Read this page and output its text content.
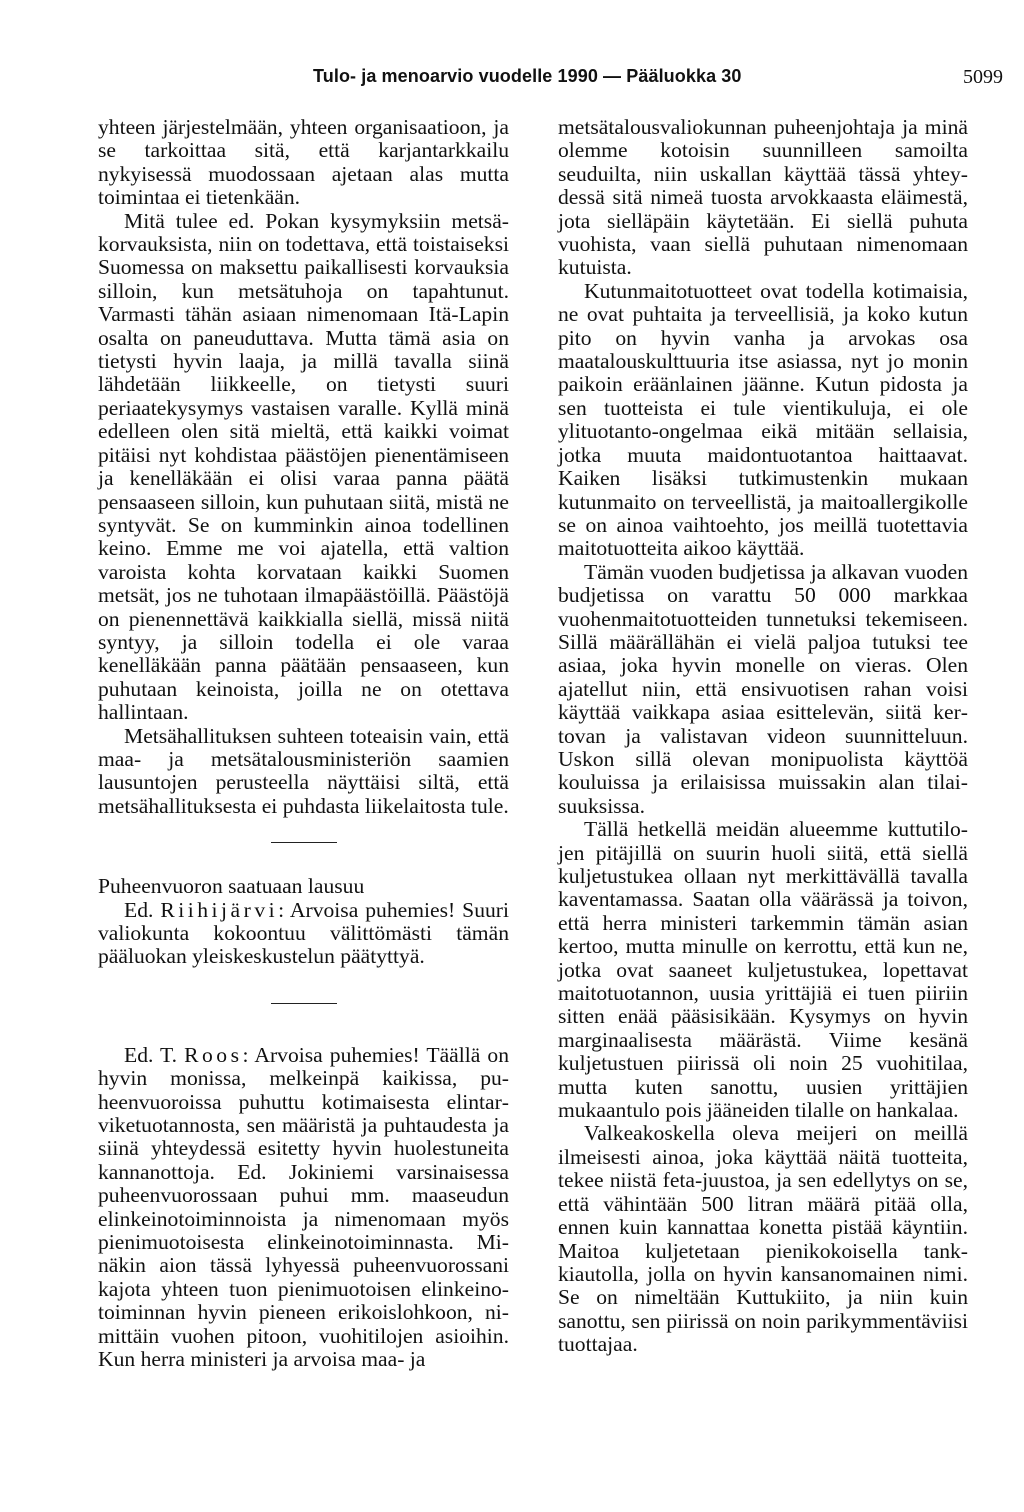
Tulo- ja menoarvio vuodelle 1990 — Pääluokka 30	5099

yhteen järjestelmään, yhteen organisaatioon, ja se tarkoittaa sitä, että karjantarkkailu nykyisessä muodossaan ajetaan alas mutta toimintaa ei tietenkään.

Mitä tulee ed. Pokan kysymyksiin metsäkorvauksista, niin on todettava, että toistaiseksi Suomessa on maksettu paikallisesti korvauksia silloin, kun metsätuhoja on tapahtunut. Varmasti tähän asiaan nimenomaan Itä-Lapin osalta on paneuduttava. Mutta tämä asia on tietysti hyvin laaja, ja millä tavalla siinä lähdetään liikkeelle, on tietysti suuri periaatekysymys vastaisen varalle. Kyllä minä edelleen olen sitä mieltä, että kaikki voimat pitäisi nyt kohdistaa päästöjen pienentämiseen ja kenelläkään ei olisi varaa panna päätä pensaaseen silloin, kun puhutaan siitä, mistä ne syntyvät. Se on kumminkin ainoa todellinen keino. Emme me voi ajatella, että valtion varoista kohta korvataan kaikki Suomen metsät, jos ne tuhotaan ilmapäästöillä. Päästöjä on pienennettävä kaikkialla siellä, missä niitä syntyy, ja silloin todella ei ole varaa kenelläkään panna päätään pensaaseen, kun puhutaan keinoista, joilla ne on otettava hallintaan.

Metsähallituksen suhteen toteaisin vain, että maa- ja metsätalousministeriön saamien lausuntojen perusteella näyttäisi siltä, että metsähallituksesta ei puhdasta liikelaitosta tule.

Puheenvuoron saatuaan lausuu

Ed. Riihijärvi: Arvoisa puhemies! Suuri valiokunta kokoontuu välittömästi tämän pääluokan yleiskeskustelun päätyttyä.

Ed. T. Roos: Arvoisa puhemies! Täällä on hyvin monissa, melkeinpä kaikissa, puheenvuoroissa puhuttu kotimaisesta elintarviketuotannosta, sen määristä ja puhtaudesta ja siinä yhteydessä esitetty hyvin huolestuneita kannanottoja. Ed. Jokiniemi varsinaisessa puheenvuorossaan puhui mm. maaseudun elinkeinotoiminnoista ja nimenomaan myös pienimuotoisesta elinkeinotoiminnasta. Minäkin aion tässä lyhyessä puheenvuorossani kajota yhteen tuon pienimuotoisen elinkeinotoiminnan hyvin pieneen erikoislohkoon, nimittäin vuohen pitoon, vuohitilojen asioihin. Kun herra ministeri ja arvoisa maa- ja

metsätalousvaliokunnan puheenjohtaja ja minä olemme kotoisin suunnilleen samoilta seuduilta, niin uskallan käyttää tässä yhteydessä sitä nimeä tuosta arvokkaasta eläimestä, jota sielläpäin käytetään. Ei siellä puhuta vuohista, vaan siellä puhutaan nimenomaan kutuista.

Kutunmaitotuotteet ovat todella kotimaisia, ne ovat puhtaita ja terveellisiä, ja koko kutun pito on hyvin vanha ja arvokas osa maatalouskulttuuria itse asiassa, nyt jo monin paikoin eräänlainen jäänne. Kutun pidosta ja sen tuotteista ei tule vientikuluja, ei ole ylituotanto-ongelmaa eikä mitään sellaisia, jotka muuta maidontuotantoa haittaavat. Kaiken lisäksi tutkimustenkin mukaan kutunmaito on terveellistä, ja maitoallergikolle se on ainoa vaihtoehto, jos meillä tuotettavia maitotuotteita aikoo käyttää.

Tämän vuoden budjetissa ja alkavan vuoden budjetissa on varattu 50 000 markkaa vuohenmaitotuotteiden tunnetuksi tekemiseen. Sillä määrällähän ei vielä paljoa tutuksi tee asiaa, joka hyvin monelle on vieras. Olen ajatellut niin, että ensivuotisen rahan voisi käyttää vaikkapa asiaa esittelevän, siitä kertovan ja valistavan videon suunnitteluun. Uskon sillä olevan monipuolista käyttöä kouluissa ja erilaisissa muissakin alan tilaisuuksissa.

Tällä hetkellä meidän alueemme kuttutilojen pitäjillä on suurin huoli siitä, että siellä kuljetustukea ollaan nyt merkittävällä tavalla kaventamassa. Saatan olla väärässä ja toivon, että herra ministeri tarkemmin tämän asian kertoo, mutta minulle on kerrottu, että kun ne, jotka ovat saaneet kuljetustukea, lopettavat maitotuotannon, uusia yrittäjiä ei tuen piiriin sitten enää pääsisikään. Kysymys on hyvin marginaalisesta määrästä. Viime kesänä kuljetustuen piirissä oli noin 25 vuohitilaa, mutta kuten sanottu, uusien yrittäjien mukaantulo pois jääneiden tilalle on hankalaa.

Valkeakoskella oleva meijeri on meillä ilmeisesti ainoa, joka käyttää näitä tuotteita, tekee niistä feta-juustoa, ja sen edellytys on se, että vähintään 500 litran määrä pitää olla, ennen kuin kannattaa konetta pistää käyntiin. Maitoa kuljetetaan pienikokoisella tankkiautolla, jolla on hyvin kansanomainen nimi. Se on nimeltään Kuttukiito, ja niin kuin sanottu, sen piirissä on noin parikymmentäviisi tuottajaa.
